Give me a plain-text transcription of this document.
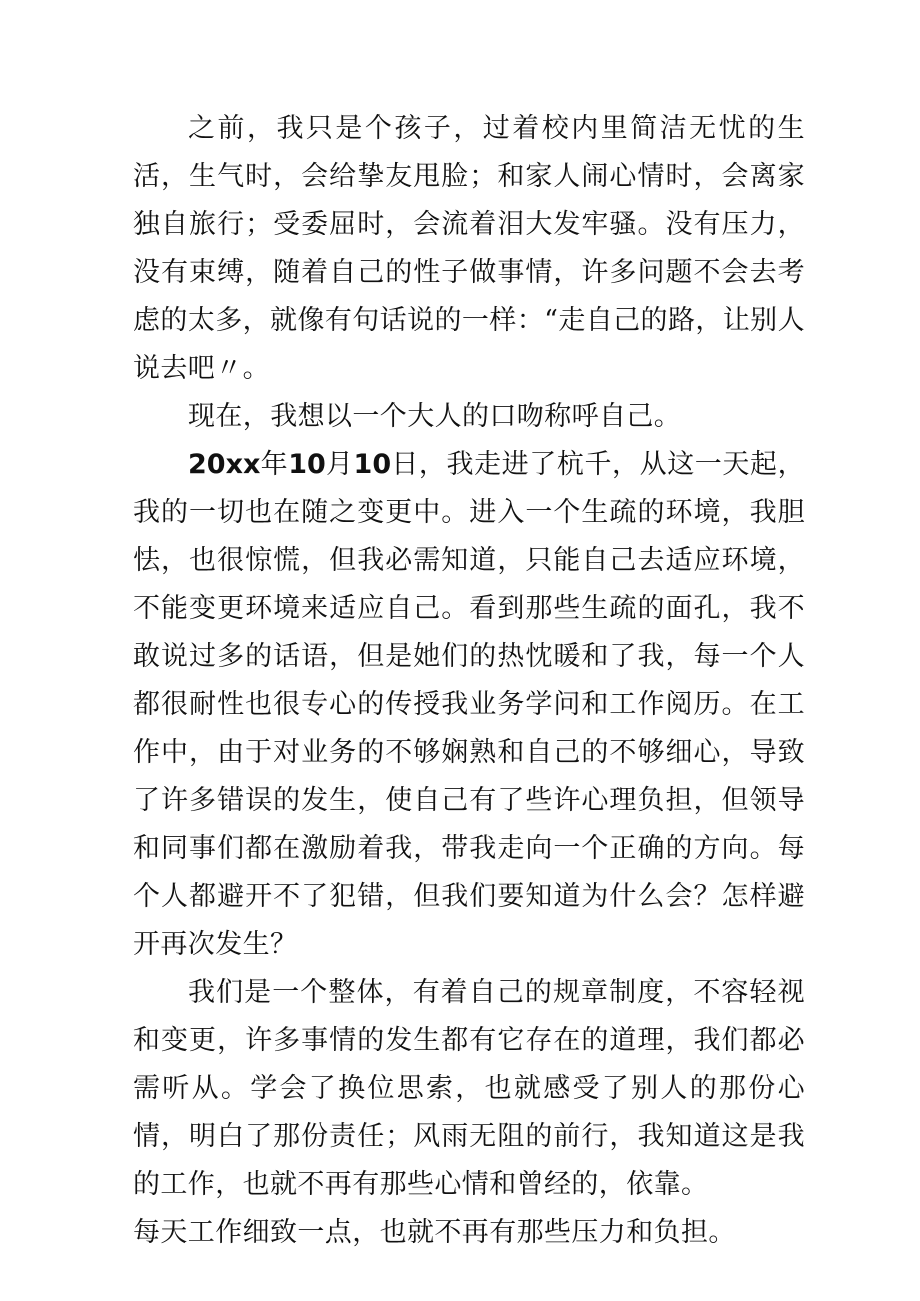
之前，我只是个孩子，过着校内里简洁无忧的生活，生气时，会给挚友甩脸；和家人闹心情时，会离家独自旅行；受委屈时，会流着泪大发牢骚。没有压力，没有束缚，随着自己的性子做事情，许多问题不会去考虑的太多，就像有句话说的一样：“走自己的路，让别人说去吧〃。

现在，我想以一个大人的口吻称呼自己。

20xx年10月10日，我走进了杭千，从这一天起，我的一切也在随之变更中。进入一个生疏的环境，我胆怯，也很惊慌，但我必需知道，只能自己去适应环境，不能变更环境来适应自己。看到那些生疏的面孔，我不敢说过多的话语，但是她们的热忱暖和了我，每一个人都很耐性也很专心的传授我业务学问和工作阅历。在工作中，由于对业务的不够娴熟和自己的不够细心，导致了许多错误的发生，使自己有了些许心理负担，但领导和同事们都在激励着我，带我走向一个正确的方向。每个人都避开不了犯错，但我们要知道为什么会？怎样避开再次发生？

我们是一个整体，有着自己的规章制度，不容轻视和变更，许多事情的发生都有它存在的道理，我们都必需听从。学会了换位思索，也就感受了别人的那份心情，明白了那份责任；风雨无阻的前行，我知道这是我的工作，也就不再有那些心情和曾经的，依靠。

每天工作细致一点，也就不再有那些压力和负担。
